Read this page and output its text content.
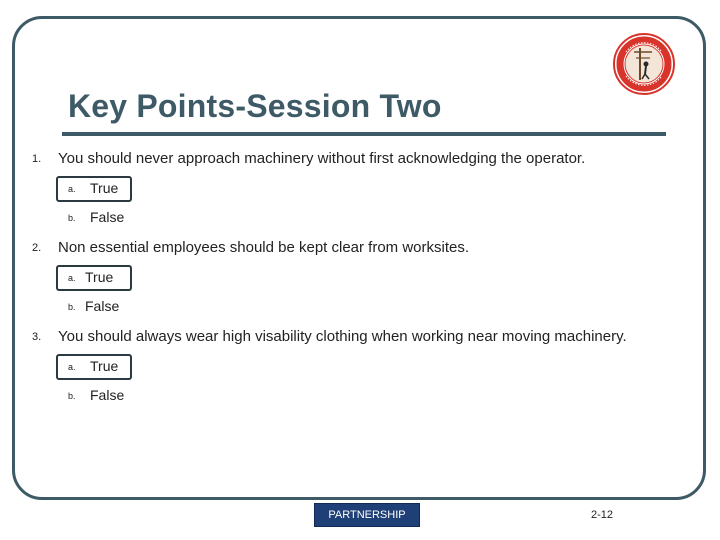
Key Points-Session Two
1. You should never approach machinery without first acknowledging the operator.
a. True
b. False
2. Non essential employees should be kept clear from worksites.
a. True
b. False
3. You should always wear high visability clothing when working near moving machinery.
a. True
b. False
PARTNERSHIP	2-12
